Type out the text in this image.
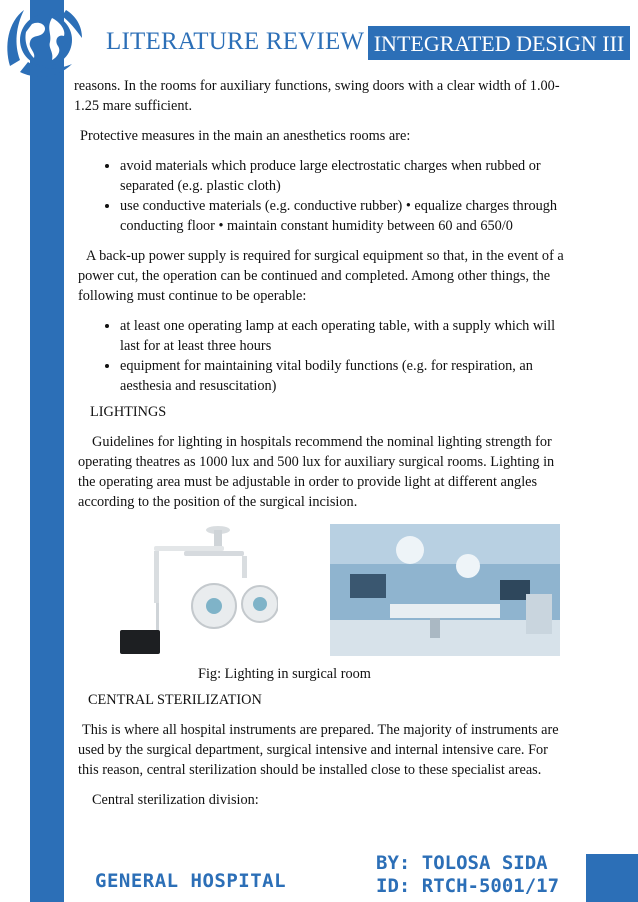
LITERATURE REVIEW INTEGRATED DESIGN III

reasons. In the rooms for auxiliary functions, swing doors with a clear width of 1.00-1.25 mare sufficient.

Protective measures in the main an anesthetics rooms are:

• avoid materials which produce large electrostatic charges when rubbed or separated (e.g. plastic cloth)
• use conductive materials (e.g. conductive rubber) • equalize charges through conducting floor • maintain constant humidity between 60 and 650/0

A back-up power supply is required for surgical equipment so that, in the event of a power cut, the operation can be continued and completed. Among other things, the following must continue to be operable:

• at least one operating lamp at each operating table, with a supply which will last for at least three hours
• equipment for maintaining vital bodily functions (e.g. for respiration, an aesthesia and resuscitation)

LIGHTINGS

Guidelines for lighting in hospitals recommend the nominal lighting strength for operating theatres as 1000 lux and 500 lux for auxiliary surgical rooms. Lighting in the operating area must be adjustable in order to provide light at different angles according to the position of the surgical incision.

Fig: Lighting in surgical room

CENTRAL STERILIZATION

This is where all hospital instruments are prepared. The majority of instruments are used by the surgical department, surgical intensive and internal intensive care. For this reason, central sterilization should be installed close to these specialist areas.

Central sterilization division:

GENERAL HOSPITAL
BY: TOLOSA SIDA
ID: RTCH-5001/17
